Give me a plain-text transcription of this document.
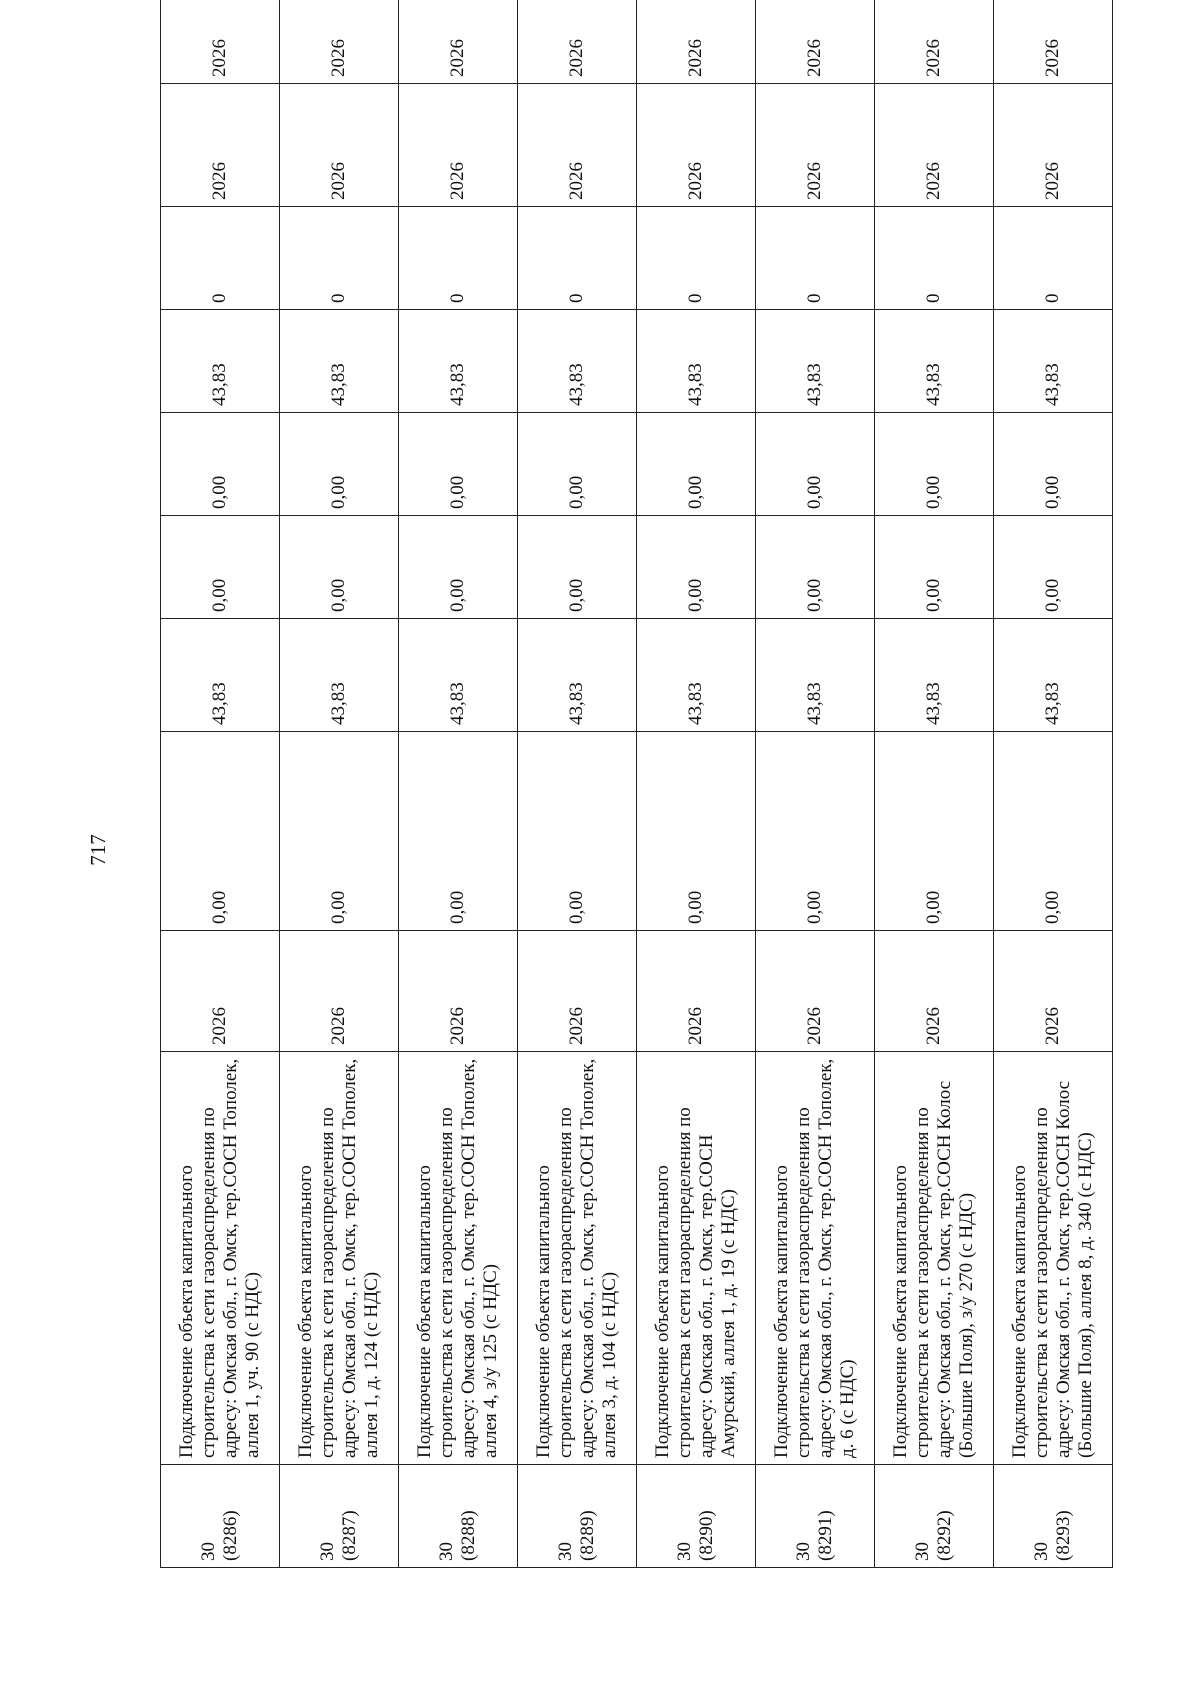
717
30 (8286)	Подключение объекта капитального строительства к сети газораспределения по адресу: Омская обл., г. Омск, тер.СОСН Тополек, аллея 1, уч. 90 (с НДС)	2026	0,00	43,83	0,00	0,00	43,83	0	2026	2026

30 (8287)	Подключение объекта капитального строительства к сети газораспределения по адресу: Омская обл., г. Омск, тер.СОСН Тополек, аллея 1, д. 124 (с НДС)	2026	0,00	43,83	0,00	0,00	43,83	0	2026	2026

30 (8288)	Подключение объекта капитального строительства к сети газораспределения по адресу: Омская обл., г. Омск, тер.СОСН Тополек, аллея 4, з/у 125 (с НДС)	2026	0,00	43,83	0,00	0,00	43,83	0	2026	2026

30 (8289)	Подключение объекта капитального строительства к сети газораспределения по адресу: Омская обл., г. Омск, тер.СОСН Тополек, аллея 3, д. 104 (с НДС)	2026	0,00	43,83	0,00	0,00	43,83	0	2026	2026

30 (8290)	Подключение объекта капитального строительства к сети газораспределения по адресу: Омская обл., г. Омск, тер.СОСН Амурский, аллея 1, д. 19 (с НДС)	2026	0,00	43,83	0,00	0,00	43,83	0	2026	2026

30 (8291)	Подключение объекта капитального строительства к сети газораспределения по адресу: Омская обл., г. Омск, тер.СОСН Тополек, д. 6 (с НДС)	2026	0,00	43,83	0,00	0,00	43,83	0	2026	2026

30 (8292)	Подключение объекта капитального строительства к сети газораспределения по адресу: Омская обл., г. Омск, тер.СОСН Колос (Большие Поля), з/у 270 (с НДС)	2026	0,00	43,83	0,00	0,00	43,83	0	2026	2026

30 (8293)	Подключение объекта капитального строительства к сети газораспределения по адресу: Омская обл., г. Омск, тер.СОСН Колос (Большие Поля), аллея 8, д. 340 (с НДС)	2026	0,00	43,83	0,00	0,00	43,83	0	2026	2026
